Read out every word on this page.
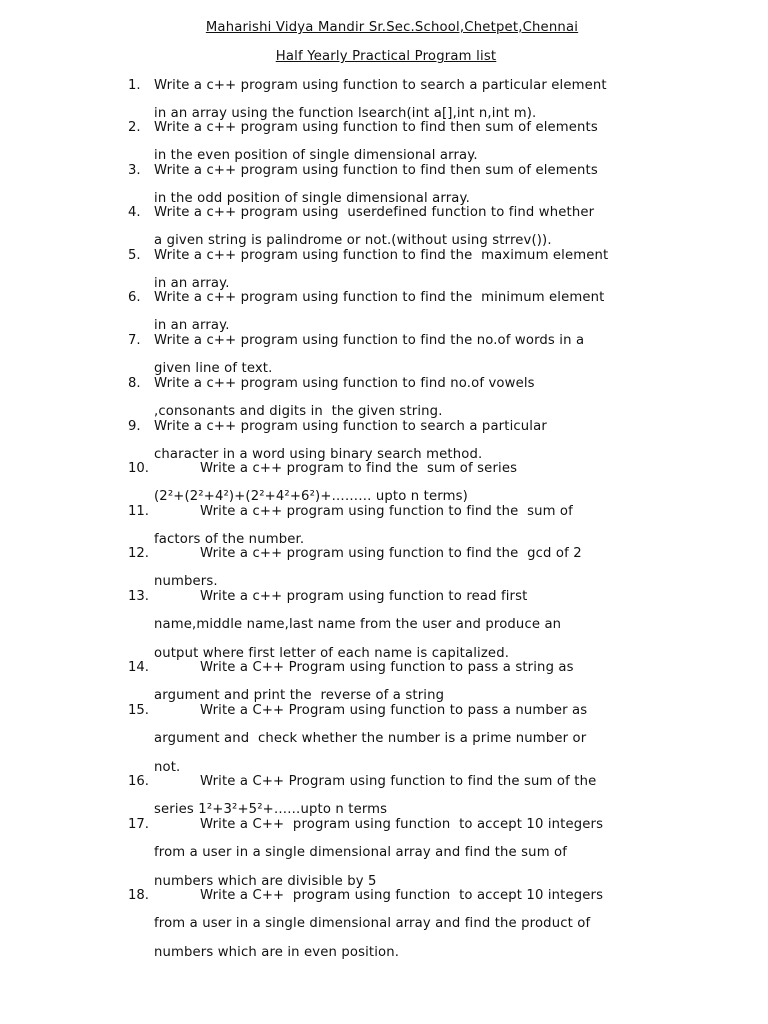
Maharishi Vidya Mandir Sr.Sec.School,Chetpet,Chennai
Half Yearly Practical Program list
1. Write a c++ program using function to search a particular element
in an array using the function lsearch(int a[],int n,int m).
2. Write a c++ program using function to find then sum of elements
in the even position of single dimensional array.
3. Write a c++ program using function to find then sum of elements
in the odd position of single dimensional array.
4. Write a c++ program using  userdefined function to find whether
a given string is palindrome or not.(without using strrev()).
5. Write a c++ program using function to find the  maximum element
in an array.
6. Write a c++ program using function to find the  minimum element
in an array.
7. Write a c++ program using function to find the no.of words in a
given line of text.
8. Write a c++ program using function to find no.of vowels
,consonants and digits in  the given string.
9. Write a c++ program using function to search a particular
character in a word using binary search method.
10.	Write a c++ program to find the  sum of series
(2²+(2²+4²)+(2²+4²+6²)+……… upto n terms)
11.	Write a c++ program using function to find the  sum of
factors of the number.
12.	Write a c++ program using function to find the  gcd of 2
numbers.
13.	Write a c++ program using function to read first
name,middle name,last name from the user and produce an
output where first letter of each name is capitalized.
14.	Write a C++ Program using function to pass a string as
argument and print the  reverse of a string
15.	Write a C++ Program using function to pass a number as
argument and  check whether the number is a prime number or
not.
16.	Write a C++ Program using function to find the sum of the
series 1²+3²+5²+……upto n terms
17.	Write a C++  program using function  to accept 10 integers
from a user in a single dimensional array and find the sum of
numbers which are divisible by 5
18.	Write a C++  program using function  to accept 10 integers
from a user in a single dimensional array and find the product of
numbers which are in even position.
